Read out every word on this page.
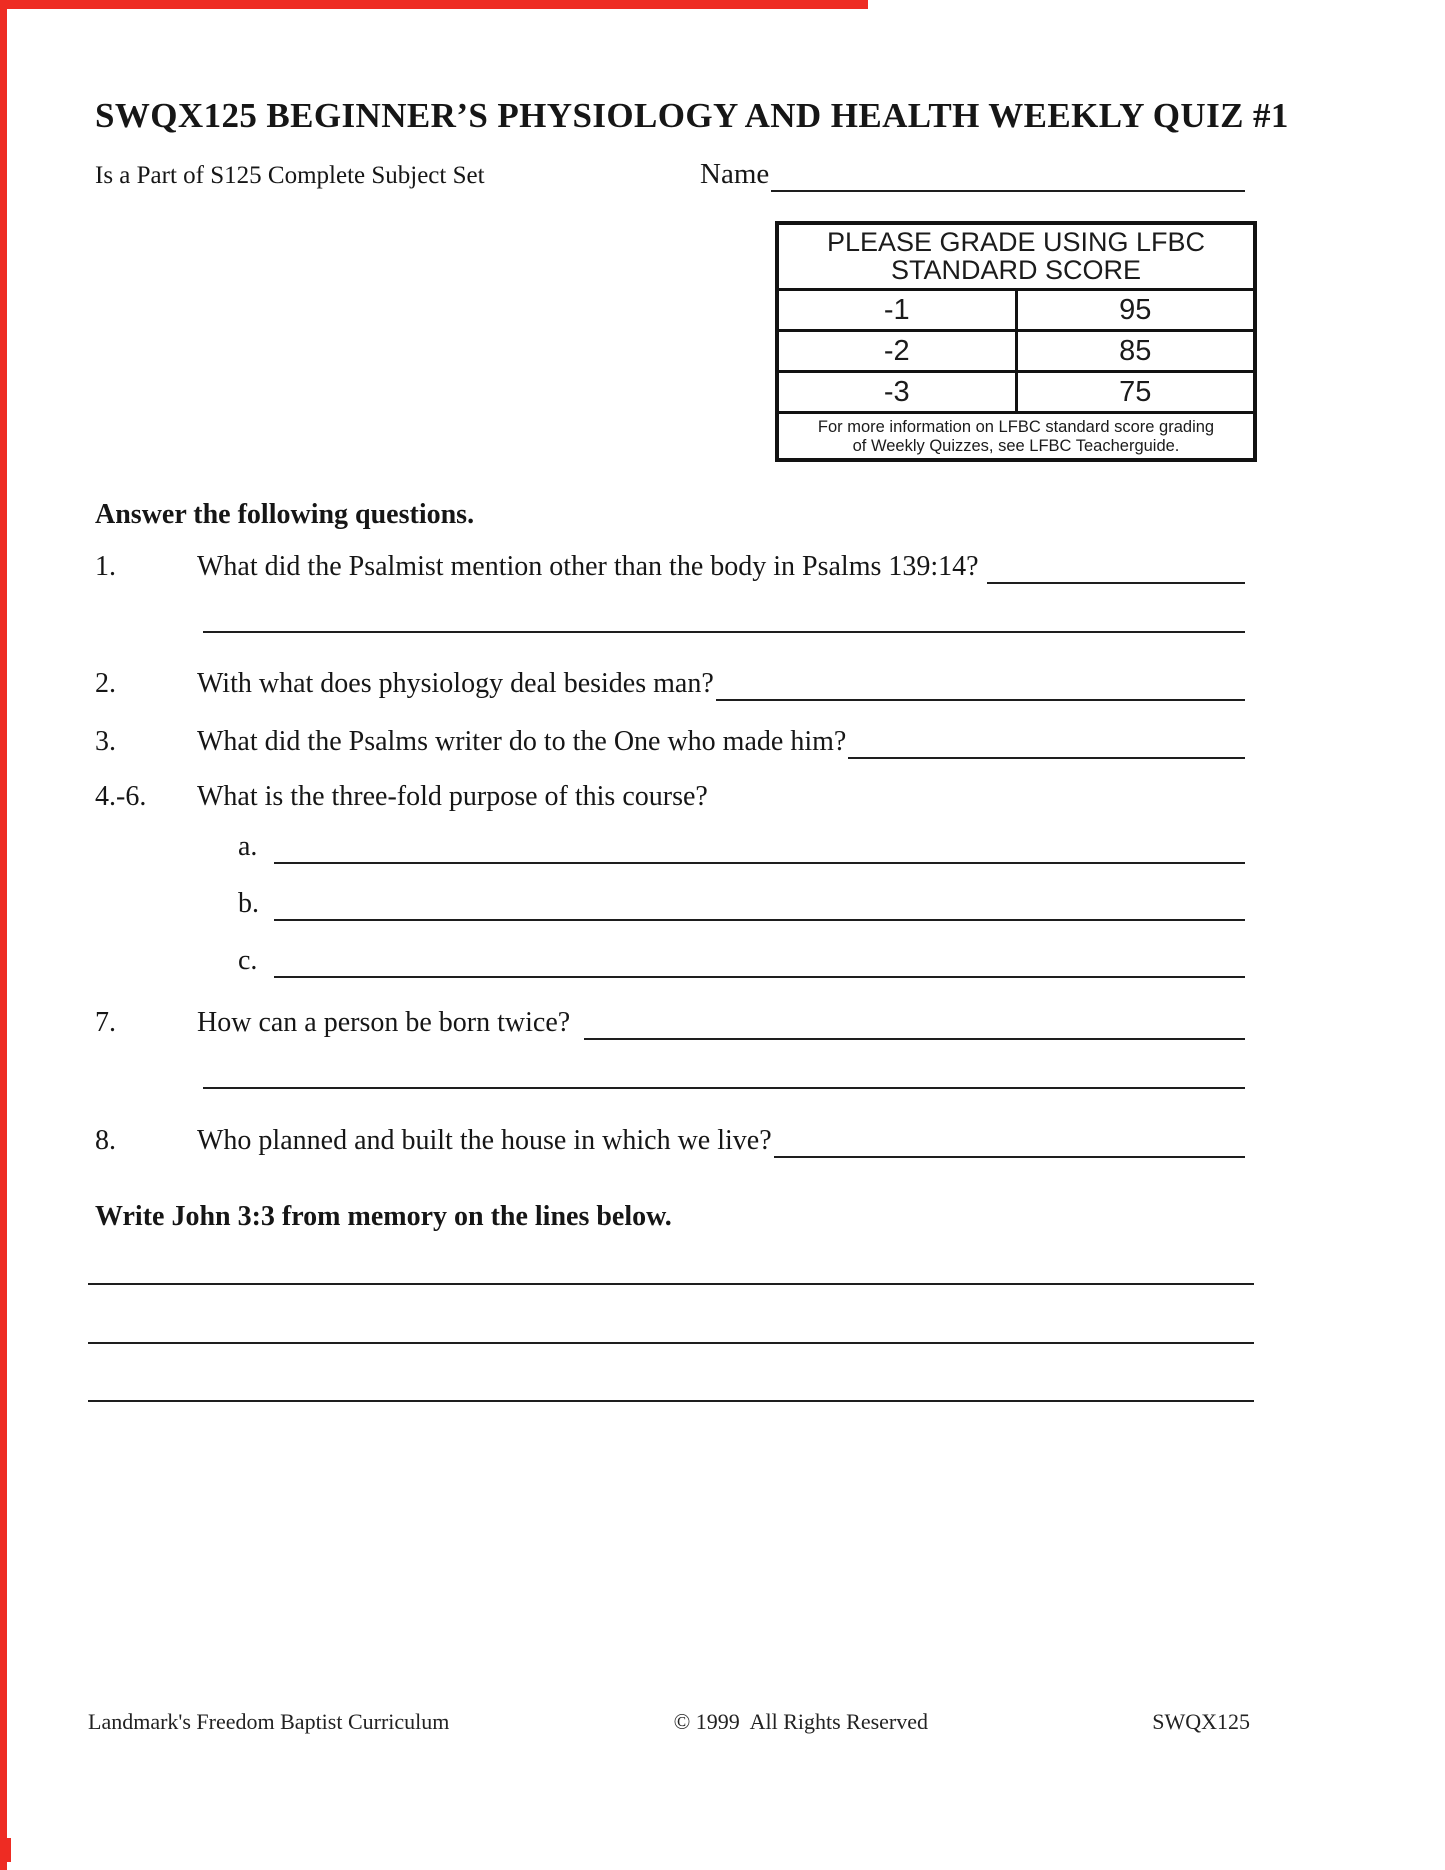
SWQX125 BEGINNER’S PHYSIOLOGY AND HEALTH WEEKLY QUIZ #1
Is a Part of S125 Complete Subject Set	Name
PLEASE GRADE USING LFBC
STANDARD SCORE
-1	95
-2	85
-3	75
For more information on LFBC standard score grading
of Weekly Quizzes, see LFBC Teacherguide.
Answer the following questions.
1.	What did the Psalmist mention other than the body in Psalms 139:14?
2.	With what does physiology deal besides man?
3.	What did the Psalms writer do to the One who made him?
4.-6.	What is the three-fold purpose of this course?
a.
b.
c.
7.	How can a person be born twice?
8.	Who planned and built the house in which we live?
Write John 3:3 from memory on the lines below.
Landmark's Freedom Baptist Curriculum	© 1999  All Rights Reserved	SWQX125
